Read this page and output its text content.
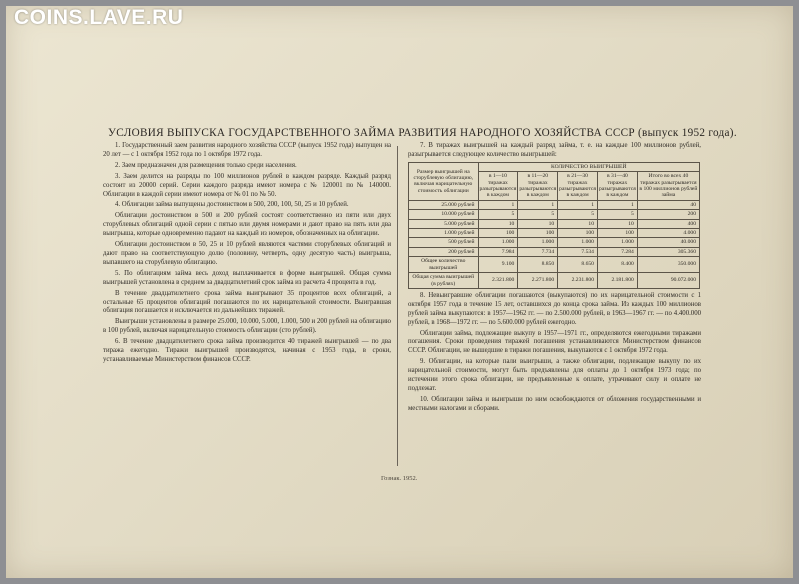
COINS.LAVE.RU
УСЛОВИЯ ВЫПУСКА ГОСУДАРСТВЕННОГО ЗАЙМА РАЗВИТИЯ НАРОДНОГО ХОЗЯЙСТВА СССР (выпуск 1952 года).

1. Государственный заем развития народного хозяйства СССР (выпуск 1952 года) выпущен на 20 лет — с 1 октября 1952 года по 1 октября 1972 года.

2. Заем предназначен для размещения только среди населения.

3. Заем делится на разряды по 100 миллионов рублей в каждом разряде. Каждый разряд состоит из 20000 серий. Серии каждого разряда имеют номера с № 120001 по № 140000. Облигации в каждой серии имеют номера от № 01 по № 50.

4. Облигации займа выпущены достоинством в 500, 200, 100, 50, 25 и 10 рублей.

Облигации достоинством в 500 и 200 рублей состоят соответственно из пяти или двух сторублевых облигаций одной серии с пятью или двумя номерами и дают право на пять или два выигрыша, которые одновременно падают на каждый из номеров, обозначенных на облигации.

Облигации достоинством в 50, 25 и 10 рублей являются частями сторублевых облигаций и дают право на соответствующую долю (половину, четверть, одну десятую часть) выигрыша, выпавшего на сторублевую облигацию.

5. По облигациям займа весь доход выплачивается в форме выигрышей. Общая сумма выигрышей установлена в среднем за двадцатилетний срок займа из расчета 4 процента в год.

В течение двадцатилетнего срока займа выигрывают 35 процентов всех облигаций, а остальные 65 процентов облигаций погашаются по их нарицательной стоимости. Выигравшая облигация погашается и исключается из дальнейших тиражей.

Выигрыши установлены в размере 25.000, 10.000, 5.000, 1.000, 500 и 200 рублей на облигацию в 100 рублей, включая нарицательную стоимость облигации (сто рублей).

6. В течение двадцатилетнего срока займа производится 40 тиражей выигрышей — по два тиража ежегодно. Тиражи выигрышей производятся, начиная с 1953 года, в сроки, устанавливаемые Министерством финансов СССР.

7. В тиражах выигрышей на каждый разряд займа, т. е. на каждые 100 миллионов рублей, разыгрывается следующее количество выигрышей:

Размер выигрышей на сторублевую облигацию, включая нарицательную стоимость облигации	КОЛИЧЕСТВО ВЫИГРЫШЕЙ				
	в 1—10 тиражах разыгрываются в каждом	в 11—20 тиражах разыгрываются в каждом	в 21—30 тиражах разыгрываются в каждом	в 31—40 тиражах разыгрываются в каждом	Итого во всех 40 тиражах разыгрывается в 100 миллионов рублей займа
25.000 рублей	1	1	1	1	40
10.000 рублей	5	5	5	5	200
5.000 рублей	10	10	10	10	400
1.000 рублей	100	100	100	100	4.000
500 рублей	1.000	1.000	1.000	1.000	40.000
200 рублей	7.984	7.734	7.534	7.284	305.360
Общее количество выигрышей	9.100	8.850	8.650	8.400	350.000
Общая сумма выигрышей (в рублях)	2.321.800	2.271.800	2.231.800	2.181.800	90.072.000

8. Невыигравшие облигации погашаются (выкупаются) по их нарицательной стоимости с 1 октября 1957 года в течение 15 лет, оставшихся до конца срока займа. Из каждых 100 миллионов рублей займа выкупаются: в 1957—1962 гг. — по 2.500.000 рублей, в 1963—1967 гг. — по 4.400.000 рублей, в 1968—1972 гг. — по 5.600.000 рублей ежегодно.

Облигации займа, подлежащие выкупу в 1957—1971 гг., определяются ежегодными тиражами погашения. Сроки проведения тиражей погашения устанавливаются Министерством финансов СССР. Облигации, не вышедшие в тиражи погашения, выкупаются с 1 октября 1972 года.

9. Облигации, на которые пали выигрыши, а также облигации, подлежащие выкупу по их нарицательной стоимости, могут быть предъявлены для оплаты до 1 октября 1973 года; по истечении этого срока облигации, не предъявленные к оплате, утрачивают силу и оплате не подлежат.

10. Облигации займа и выигрыши по ним освобождаются от обложения государственными и местными налогами и сборами.

Гознак. 1952.
